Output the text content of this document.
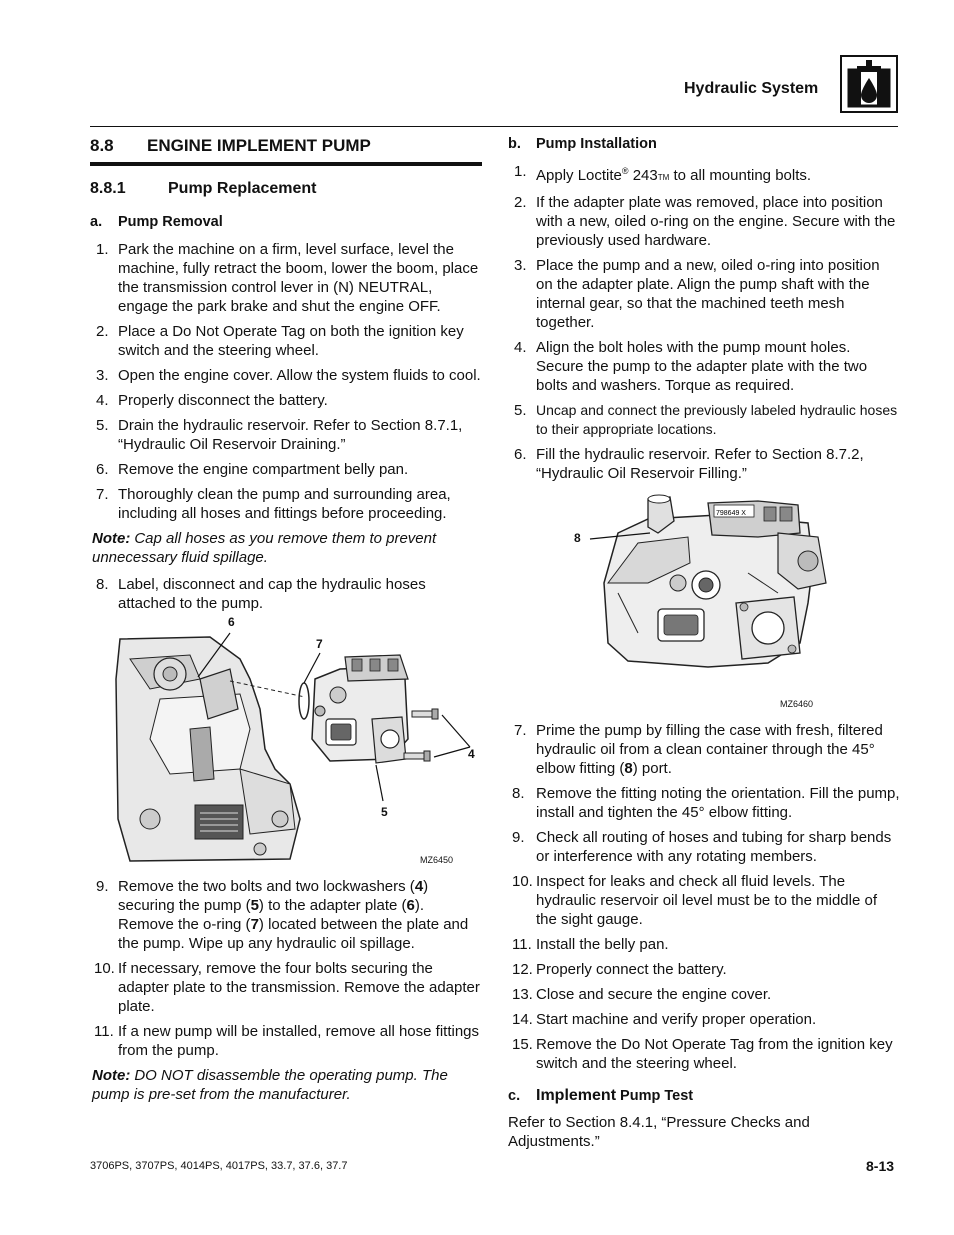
Hydraulic System
8.8	ENGINE IMPLEMENT PUMP
8.8.1	Pump Replacement
a. Pump Removal
1. Park the machine on a firm, level surface, level the machine, fully retract the boom, lower the boom, place the transmission control lever in (N) NEUTRAL, engage the park brake and shut the engine OFF.
2. Place a Do Not Operate Tag on both the ignition key switch and the steering wheel.
3. Open the engine cover. Allow the system fluids to cool.
4. Properly disconnect the battery.
5. Drain the hydraulic reservoir. Refer to Section 8.7.1, “Hydraulic Oil Reservoir Draining.”
6. Remove the engine compartment belly pan.
7. Thoroughly clean the pump and surrounding area, including all hoses and fittings before proceeding.
Note: Cap all hoses as you remove them to prevent unnecessary fluid spillage.
8. Label, disconnect and cap the hydraulic hoses attached to the pump.
6
7
4
5
MZ6450
9. Remove the two bolts and two lockwashers (4) securing the pump (5) to the adapter plate (6). Remove the o-ring (7) located between the plate and the pump. Wipe up any hydraulic oil spillage.
10. If necessary, remove the four bolts securing the adapter plate to the transmission. Remove the adapter plate.
11. If a new pump will be installed, remove all hose fittings from the pump.
Note: DO NOT disassemble the operating pump. The pump is pre-set from the manufacturer.
b. Pump Installation
1. Apply Loctite® 243TM to all mounting bolts.
2. If the adapter plate was removed, place into position with a new, oiled o-ring on the engine. Secure with the previously used hardware.
3. Place the pump and a new, oiled o-ring into position on the adapter plate. Align the pump shaft with the internal gear, so that the machined teeth mesh together.
4. Align the bolt holes with the pump mount holes. Secure the pump to the adapter plate with the two bolts and washers. Torque as required.
5. Uncap and connect the previously labeled hydraulic hoses to their appropriate locations.
6. Fill the hydraulic reservoir. Refer to Section 8.7.2, “Hydraulic Oil Reservoir Filling.”
798649 X
8
MZ6460
7. Prime the pump by filling the case with fresh, filtered hydraulic oil from a clean container through the 45° elbow fitting (8) port.
8. Remove the fitting noting the orientation. Fill the pump, install and tighten the 45° elbow fitting.
9. Check all routing of hoses and tubing for sharp bends or interference with any rotating members.
10. Inspect for leaks and check all fluid levels. The hydraulic reservoir oil level must be to the middle of the sight gauge.
11. Install the belly pan.
12. Properly connect the battery.
13. Close and secure the engine cover.
14. Start machine and verify proper operation.
15. Remove the Do Not Operate Tag from the ignition key switch and the steering wheel.
c. Implement Pump Test
Refer to Section 8.4.1, “Pressure Checks and Adjustments.”
3706PS, 3707PS, 4014PS, 4017PS, 33.7, 37.6, 37.7	8-13
